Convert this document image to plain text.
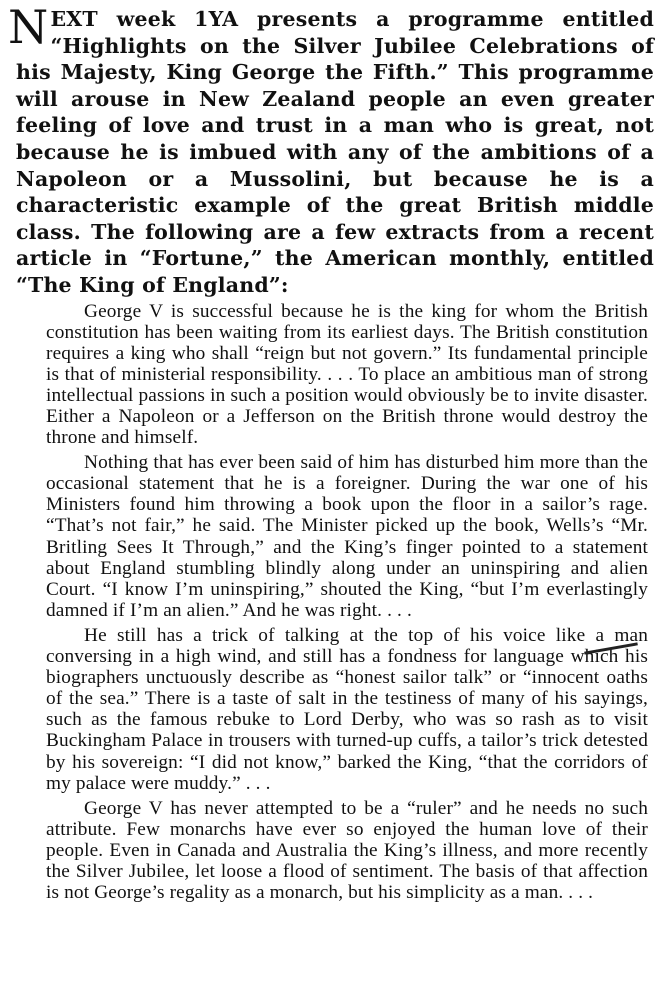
NEXT week 1YA presents a programme entitled “Highlights on the Silver Jubilee Celebrations of his Majesty, King George the Fifth.” This programme will arouse in New Zealand people an even greater feeling of love and trust in a man who is great, not because he is imbued with any of the ambitions of a Napoleon or a Mussolini, but because he is a characteristic example of the great British middle class. The following are a few extracts from a recent article in “Fortune,” the American monthly, entitled “The King of England”:

George V is successful because he is the king for whom the British constitution has been waiting from its earliest days. The British constitution requires a king who shall “reign but not govern.” Its fundamental principle is that of ministerial responsibility. . . . To place an ambitious man of strong intellectual passions in such a position would obviously be to invite disaster. Either a Napoleon or a Jefferson on the British throne would destroy the throne and himself.

Nothing that has ever been said of him has disturbed him more than the occasional statement that he is a foreigner. During the war one of his Ministers found him throwing a book upon the floor in a sailor’s rage. “That’s not fair,” he said. The Minister picked up the book, Wells’s “Mr. Britling Sees It Through,” and the King’s finger pointed to a statement about England stumbling blindly along under an uninspiring and alien Court. “I know I’m uninspiring,” shouted the King, “but I’m everlastingly damned if I’m an alien.” And he was right. . . .

He still has a trick of talking at the top of his voice like a man conversing in a high wind, and still has a fondness for language which his biographers unctuously describe as “honest sailor talk” or “innocent oaths of the sea.” There is a taste of salt in the testiness of many of his sayings, such as the famous rebuke to Lord Derby, who was so rash as to visit Buckingham Palace in trousers with turned-up cuffs, a tailor’s trick detested by his sovereign: “I did not know,” barked the King, “that the corridors of my palace were muddy.” . . .

George V has never attempted to be a “ruler” and he needs no such attribute. Few monarchs have ever so enjoyed the human love of their people. Even in Canada and Australia the King’s illness, and more recently the Silver Jubilee, let loose a flood of sentiment. The basis of that affection is not George’s regality as a monarch, but his simplicity as a man. . . .
